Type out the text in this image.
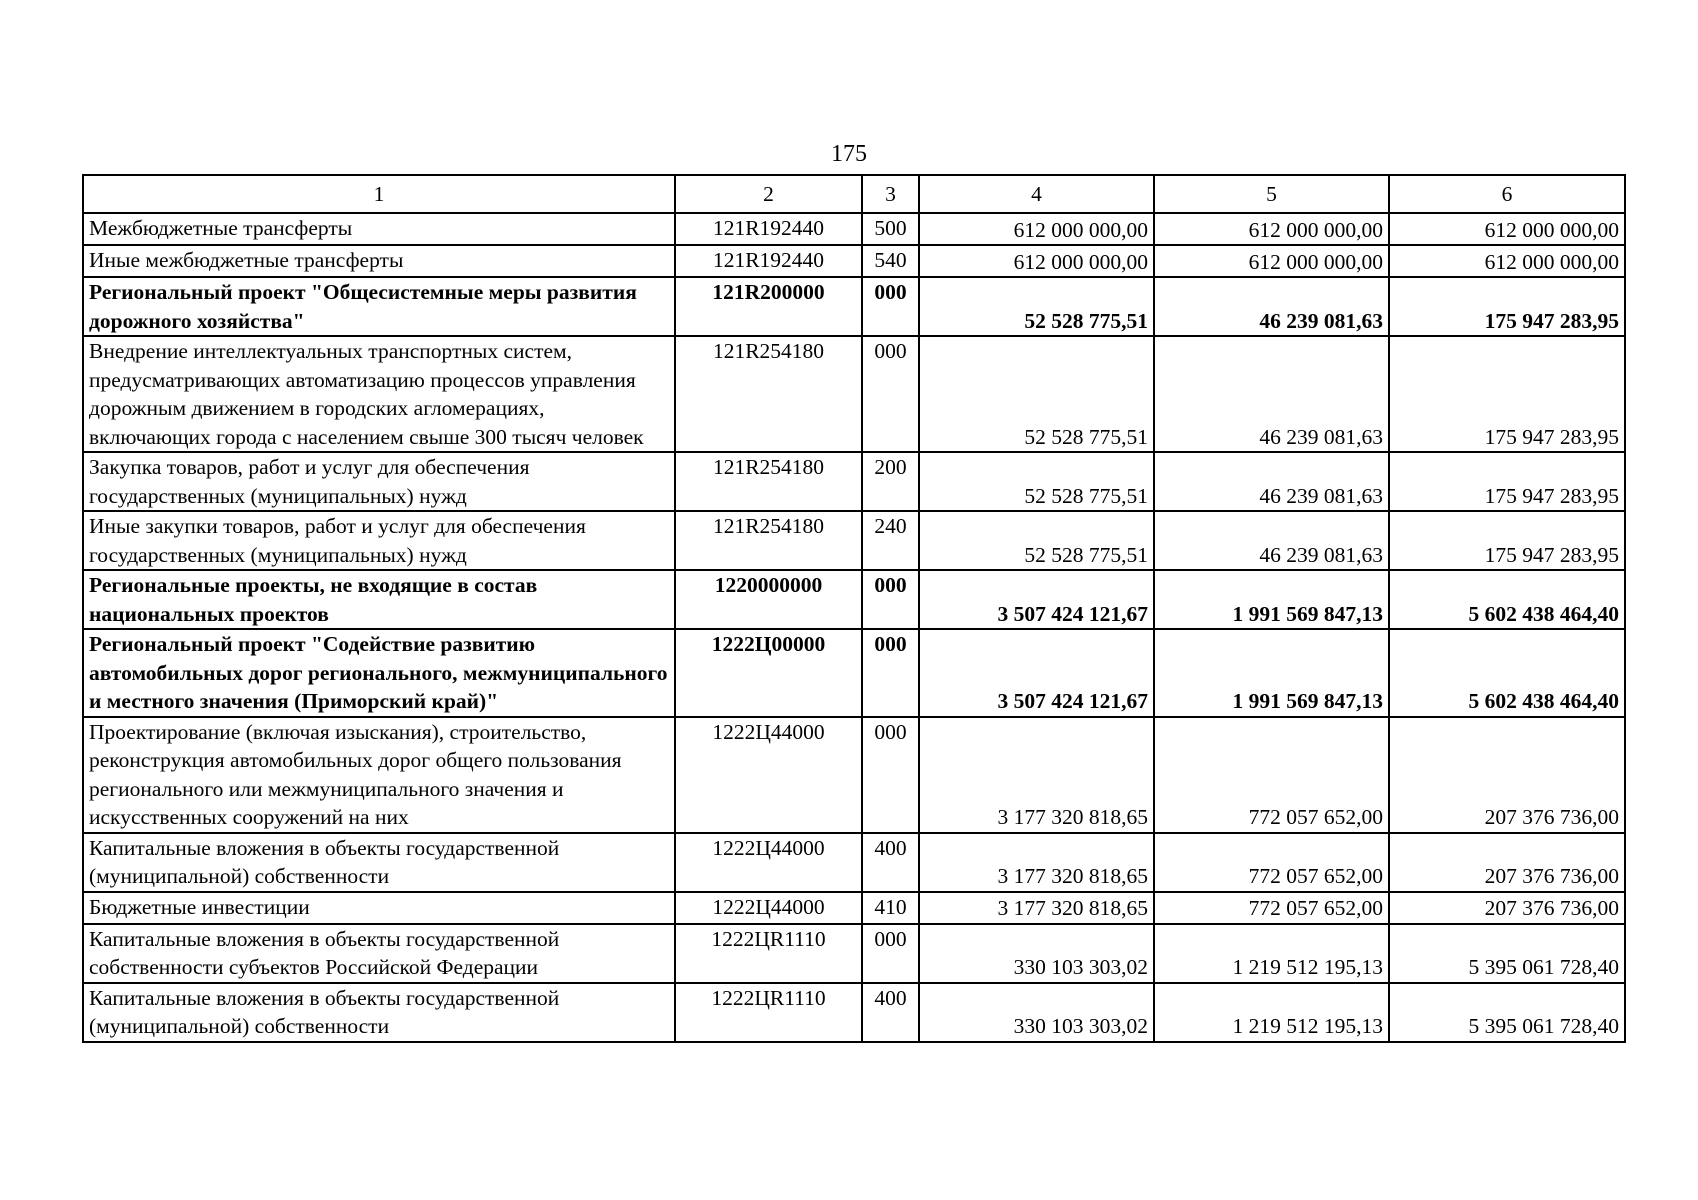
175
1	2	3	4	5	6
Межбюджетные трансферты	121R192440	500	612 000 000,00	612 000 000,00	612 000 000,00
Иные межбюджетные трансферты	121R192440	540	612 000 000,00	612 000 000,00	612 000 000,00
Региональный проект "Общесистемные меры развития дорожного хозяйства"	121R200000	000	52 528 775,51	46 239 081,63	175 947 283,95
Внедрение интеллектуальных транспортных систем, предусматривающих автоматизацию процессов управления дорожным движением в городских агломерациях, включающих города с населением свыше 300 тысяч человек	121R254180	000	52 528 775,51	46 239 081,63	175 947 283,95
Закупка товаров, работ и услуг для обеспечения государственных (муниципальных) нужд	121R254180	200	52 528 775,51	46 239 081,63	175 947 283,95
Иные закупки товаров, работ и услуг для обеспечения государственных (муниципальных) нужд	121R254180	240	52 528 775,51	46 239 081,63	175 947 283,95
Региональные проекты, не входящие в состав национальных проектов	1220000000	000	3 507 424 121,67	1 991 569 847,13	5 602 438 464,40
Региональный проект "Содействие развитию автомобильных дорог регионального, межмуниципального и местного значения (Приморский край)"	1222Ц00000	000	3 507 424 121,67	1 991 569 847,13	5 602 438 464,40
Проектирование (включая изыскания), строительство, реконструкция автомобильных дорог общего пользования регионального или межмуниципального значения и искусственных сооружений на них	1222Ц44000	000	3 177 320 818,65	772 057 652,00	207 376 736,00
Капитальные вложения в объекты государственной (муниципальной) собственности	1222Ц44000	400	3 177 320 818,65	772 057 652,00	207 376 736,00
Бюджетные инвестиции	1222Ц44000	410	3 177 320 818,65	772 057 652,00	207 376 736,00
Капитальные вложения в объекты государственной собственности субъектов Российской Федерации	1222ЦR1110	000	330 103 303,02	1 219 512 195,13	5 395 061 728,40
Капитальные вложения в объекты государственной (муниципальной) собственности	1222ЦR1110	400	330 103 303,02	1 219 512 195,13	5 395 061 728,40
